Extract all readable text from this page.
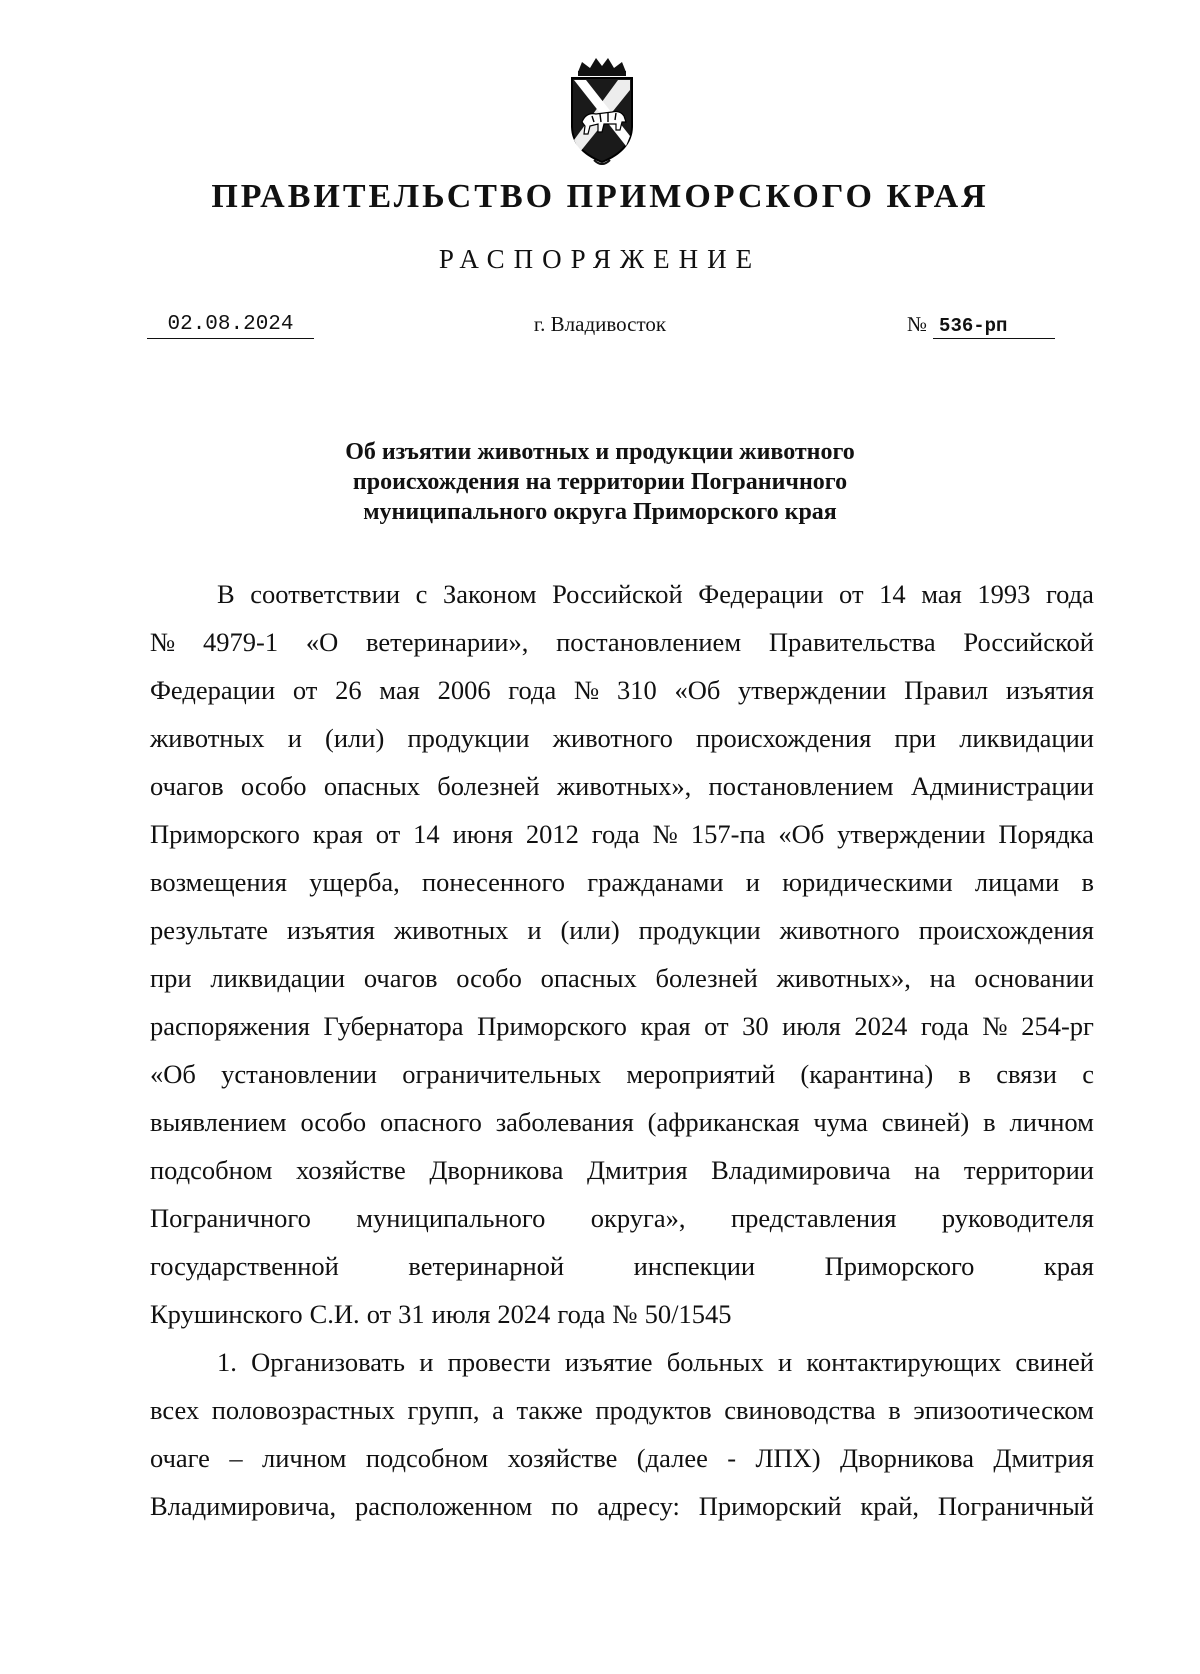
ПРАВИТЕЛЬСТВО ПРИМОРСКОГО КРАЯ
РАСПОРЯЖЕНИЕ
02.08.2024	г. Владивосток	№ 536-рп
Об изъятии животных и продукции животного
происхождения на территории Пограничного
муниципального округа Приморского края
В соответствии с Законом Российской Федерации от 14 мая 1993 года
№ 4979-1 «О ветеринарии», постановлением Правительства Российской
Федерации от 26 мая 2006 года № 310 «Об утверждении Правил изъятия
животных и (или) продукции животного происхождения при ликвидации
очагов особо опасных болезней животных», постановлением Администрации
Приморского края от 14 июня 2012 года № 157-па «Об утверждении Порядка
возмещения ущерба, понесенного гражданами и юридическими лицами в
результате изъятия животных и (или) продукции животного происхождения
при ликвидации очагов особо опасных болезней животных», на основании
распоряжения Губернатора Приморского края от 30 июля 2024 года № 254-рг
«Об установлении ограничительных мероприятий (карантина) в связи с
выявлением особо опасного заболевания (африканская чума свиней) в личном
подсобном хозяйстве Дворникова Дмитрия Владимировича на территории
Пограничного муниципального округа», представления руководителя
государственной	ветеринарной	инспекции	Приморского	края
Крушинского С.И. от 31 июля 2024 года № 50/1545
1. Организовать и провести изъятие больных и контактирующих свиней
всех половозрастных групп, а также продуктов свиноводства в эпизоотическом
очаге – личном подсобном хозяйстве (далее - ЛПХ) Дворникова Дмитрия
Владимировича, расположенном по адресу: Приморский край, Пограничный
